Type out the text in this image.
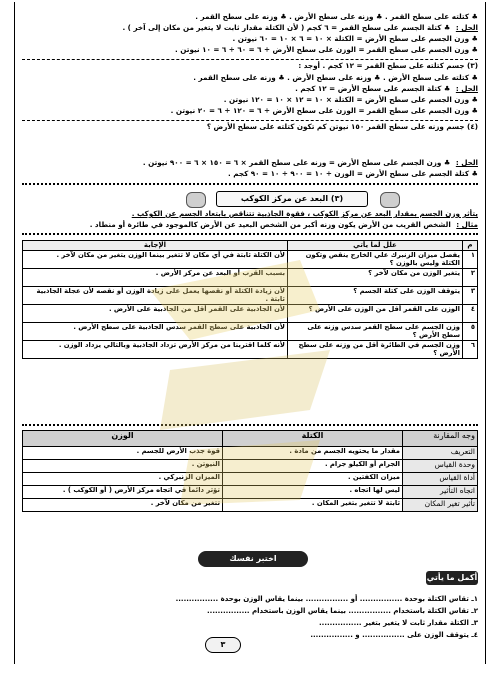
♣ كتلته على سطح القمر . ♣ وزنه على سطح الأرض . ♣ وزنه على سطح القمر .
الحل : ♣ كتلة الجسم على سطح القمر = ٦ كجم ( لأن الكتلة مقدار ثابت لا يتغير من مكان إلى آخر ) .
♣ وزن الجسم على سطح الأرض = الكتلة × ١٠ = ٦ × ١٠ = ٦٠ نيوتن .
♣ وزن الجسم على سطح القمر = الوزن على سطح الأرض ÷ ٦ = ٦٠ ÷ ٦ = ١٠ نيوتن .
(٣) جسم كتلته على سطح القمر = ١٢ كجم . أوجد :
♣ كتلته على سطح الأرض . ♣ وزنه على سطح الأرض . ♣ وزنه على سطح القمر .
الحل : ♣ كتلة الجسم على سطح الأرض = ١٢ كجم .
♣ وزن الجسم على سطح الأرض = الكتلة × ١٠ = ١٢ × ١٠ = ١٢٠ نيوتن .
♣ وزن الجسم على سطح القمر = الوزن على سطح الأرض ÷ ٦ = ١٢٠ ÷ ٦ = ٢٠ نيوتن .
(٤) جسم وزنه على سطح القمر ١٥٠ نيوتن كم تكون كتلته على سطح الأرض ؟
الحل : ♣ وزن الجسم على سطح الأرض = وزنه على سطح القمر × ٦ = ١٥٠ × ٦ = ٩٠٠ نيوتن .
♣ كتلة الجسم على سطح الأرض = الوزن ÷ ١٠ = ٩٠٠ ÷ ١٠ = ٩٠ كجم .
(٣) البعد عن مركز الكوكب
يتأثر وزن الجسم بمقدار البعد عن مركز الكوكب ، فقوة الجاذبية تتناقص بابتعاد الجسم عن الكوكب .
مثال : الشخص القريب من الأرض يكون وزنه أكبر من الشخص البعيد عن الأرض كالموجود في طائرة أو منطاد .
م	علل لما يأتي	الإجابة
١	يفصل ميزان الزنبرك علي الخارج ينقص وتكون الكتلة وليس بالوزن ؟	لأن الكتلة ثابتة في أي مكان لا تتغير بينما الوزن يتغير من مكان لآخر .
٢	يتغير الوزن من مكان لآخر ؟	بسبب القرب أو البعد عن مركز الأرض .
٣	يتوقف الوزن على كتلة الجسم ؟	لأن زيادة الكتلة أو نقصها يعمل على زيادة الوزن أو نقصه لأن عجلة الجاذبية ثابتة .
٤	الوزن على القمر أقل من الوزن على الأرض ؟	لأن الجاذبية على القمر أقل من الجاذبية على الأرض .
٥	وزن الجسم على سطح القمر سدس وزنه على سطح الأرض ؟	لأن الجاذبية على سطح القمر سدس الجاذبية على سطح الأرض .
٦	وزن الجسم في الطائرة أقل من وزنه على سطح الأرض ؟	لأنه كلما اقتربنا من مركز الأرض تزداد الجاذبية وبالتالي يزداد الوزن .
وجه المقارنة	الكتلة	الوزن
التعريف	مقدار ما يحتويه الجسم من مادة .	قوة جذب الأرض للجسم .
وحدة القياس	الجرام أو الكيلو جرام .	النيوتن .
أداة القياس	ميزان الكفتين .	الميزان الزنبركي .
اتجاه التأثير	ليس لها اتجاه .	تؤثر دائماً في اتجاه مركز الأرض ( أو الكوكب ) .
تأثير تغير المكان	ثابتة لا تتغير بتغير المكان .	تتغير من مكان لآخر .
اختبر نفسك
أكمل ما يأتي
١ـ تقاس الكتلة بوحدة ................ أو ................ بينما يقاس الوزن بوحدة ................
٢ـ تقاس الكتلة باستخدام ................ بينما يقاس الوزن باستخدام ................
٣ـ الكتلة مقدار ثابت لا يتغير بتغير ................
٤ـ يتوقف الوزن على ................ و ................
٣
